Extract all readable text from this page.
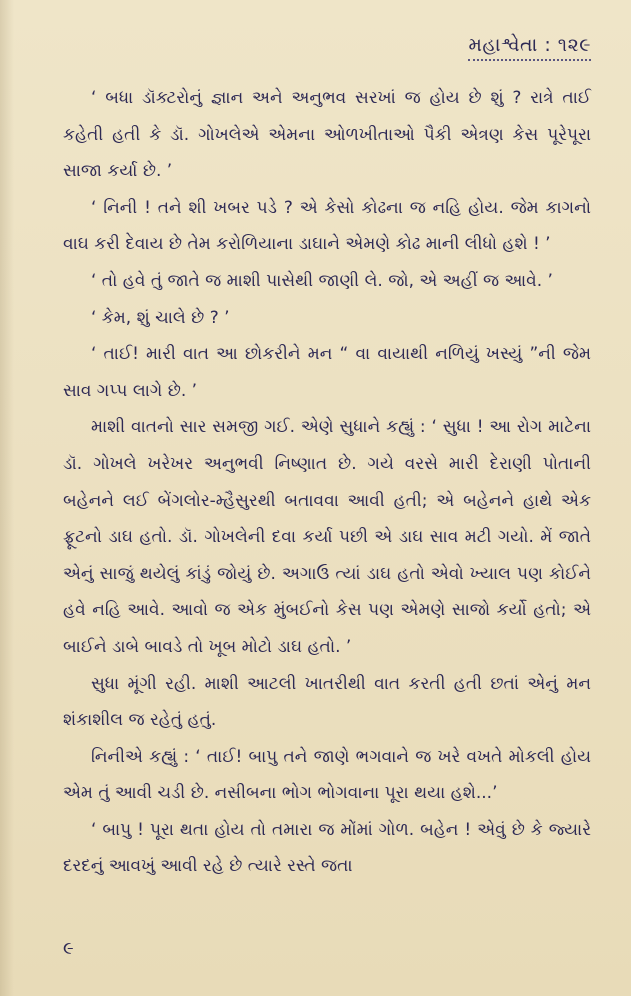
મહાશ્વેતા : ૧૨૯

‘ બધા ડૉક્ટરોનું જ્ઞાન અને અનુભવ સરખાં જ હોય છે શું ? રાત્રે તાઈ કહેતી હતી કે ડૉ. ગોખલેએ એમના ઓળખીતાઓ પૈકી એત્રણ કેસ પૂરેપૂરા સાજા કર્યા છે. ’

‘ નિની ! તને શી ખબર પડે ? એ કેસો કોઢના જ નહિ હોય. જેમ કાગનો વાઘ કરી દેવાય છે તેમ કરોળિયાના ડાઘાને એમણે કોઢ માની લીધો હશે ! ’

‘ તો હવે તું જાતે જ માશી પાસેથી જાણી લે. જો, એ અહીં જ આવે. ’

‘ કેમ, શું ચાલે છે ? ’

‘ તાઈ! મારી વાત આ છોકરીને મન “ વા વાયાથી નળિયું ખસ્યું ”ની જેમ સાવ ગપ્પ લાગે છે. ’

માશી વાતનો સાર સમજી ગઈ. એણે સુધાને કહ્યું : ‘ સુધા ! આ રોગ માટેના ડૉ. ગોખલે ખરેખર અનુભવી નિષ્ણાત છે. ગયે વરસે મારી દેરાણી પોતાની બહેનને લઈ બેંગલોર-મ્હૈસુરથી બતાવવા આવી હતી; એ બહેનને હાથે એક ફ્રૂટનો ડાઘ હતો. ડૉ. ગોખલેની દવા કર્યા પછી એ ડાઘ સાવ મટી ગયો. મેં જાતે એનું સાજું થયેલું કાંડું જોયું છે. અગાઉ ત્યાં ડાઘ હતો એવો ખ્યાલ પણ કોઈને હવે નહિ આવે. આવો જ એક મુંબઈનો કેસ પણ એમણે સાજો કર્યો હતો; એ બાઈને ડાબે બાવડે તો ખૂબ મોટો ડાઘ હતો. ’

સુધા મૂંગી રહી. માશી આટલી ખાતરીથી વાત કરતી હતી છતાં એનું મન શંકાશીલ જ રહેતું હતું.

નિનીએ કહ્યું : ‘ તાઈ! બાપુ તને જાણે ભગવાને જ ખરે વખતે મોકલી હોય એમ તું આવી ચડી છે. નસીબના ભોગ ભોગવાના પૂરા થયા હશે...’

‘ બાપુ ! પૂરા થતા હોય તો તમારા જ મોંમાં ગોળ. બહેન ! એવું છે કે જ્યારે દરદનું આવખું આવી રહે છે ત્યારે રસ્તે જતા

૯
